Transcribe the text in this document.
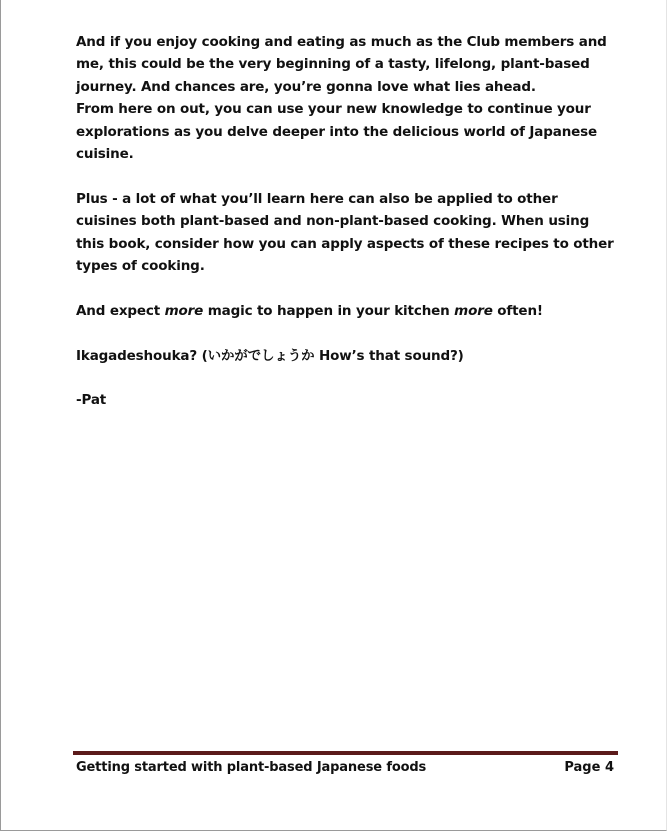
And if you enjoy cooking and eating as much as the Club members and me, this could be the very beginning of a tasty, lifelong, plant-based journey. And chances are, you’re gonna love what lies ahead.

From here on out, you can use your new knowledge to continue your explorations as you delve deeper into the delicious world of Japanese cuisine.

Plus - a lot of what you’ll learn here can also be applied to other cuisines both plant-based and non-plant-based cooking. When using this book, consider how you can apply aspects of these recipes to other types of cooking.

And expect more magic to happen in your kitchen more often!

Ikagadeshouka? (いかがでしょうか How’s that sound?)

-Pat

Getting started with plant-based Japanese foods	Page 4
